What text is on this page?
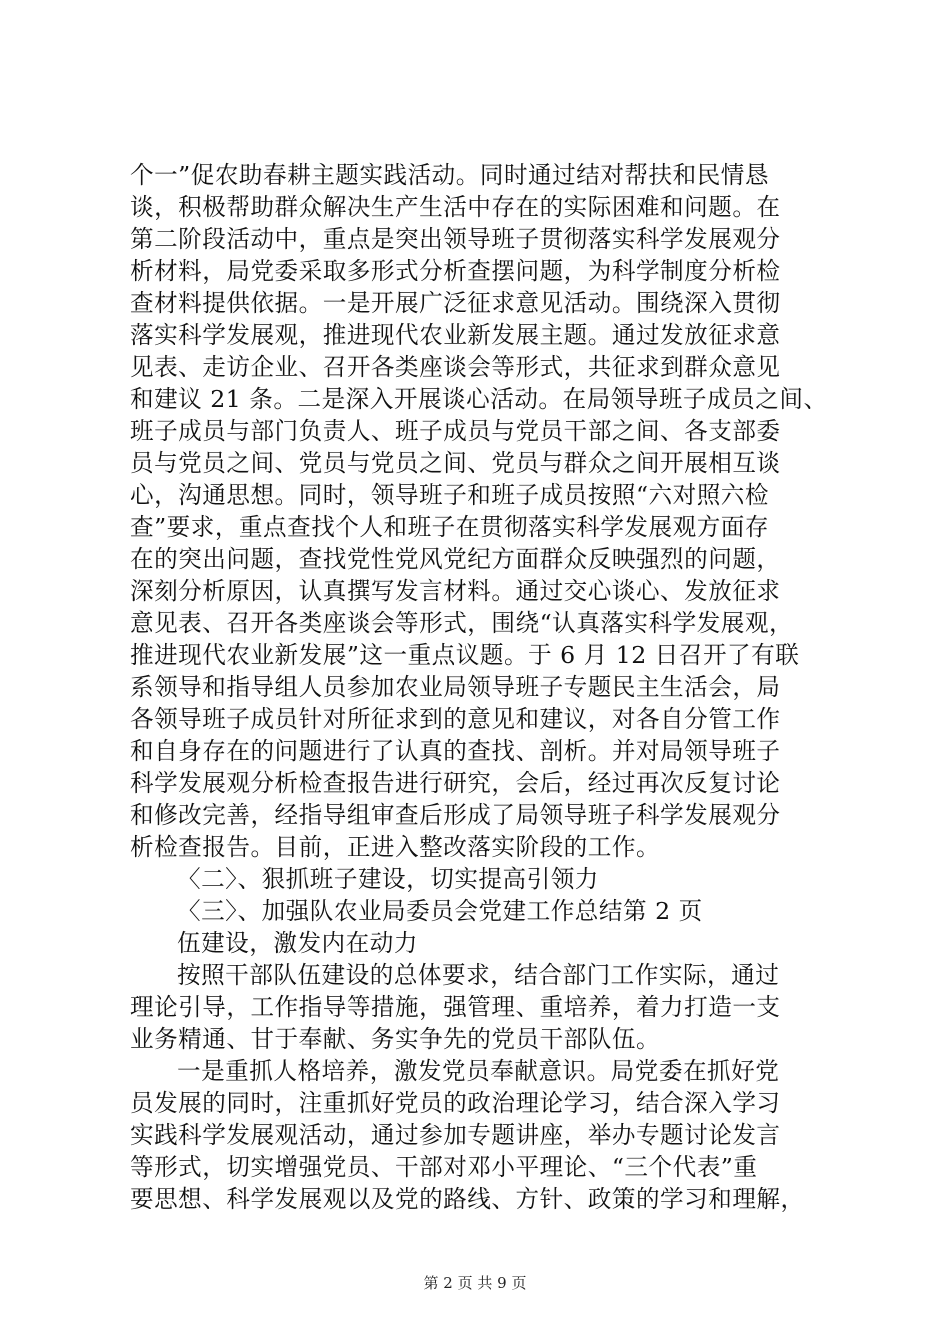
个一”促农助春耕主题实践活动。同时通过结对帮扶和民情恳
谈，积极帮助群众解决生产生活中存在的实际困难和问题。在
第二阶段活动中，重点是突出领导班子贯彻落实科学发展观分
析材料，局党委采取多形式分析查摆问题，为科学制度分析检
查材料提供依据。一是开展广泛征求意见活动。围绕深入贯彻
落实科学发展观，推进现代农业新发展主题。通过发放征求意
见表、走访企业、召开各类座谈会等形式，共征求到群众意见
和建议 21 条。二是深入开展谈心活动。在局领导班子成员之间、
班子成员与部门负责人、班子成员与党员干部之间、各支部委
员与党员之间、党员与党员之间、党员与群众之间开展相互谈
心，沟通思想。同时，领导班子和班子成员按照“六对照六检
查”要求，重点查找个人和班子在贯彻落实科学发展观方面存
在的突出问题，查找党性党风党纪方面群众反映强烈的问题，
深刻分析原因，认真撰写发言材料。通过交心谈心、发放征求
意见表、召开各类座谈会等形式，围绕“认真落实科学发展观，
推进现代农业新发展”这一重点议题。于 6 月 12 日召开了有联
系领导和指导组人员参加农业局领导班子专题民主生活会，局
各领导班子成员针对所征求到的意见和建议，对各自分管工作
和自身存在的问题进行了认真的查找、剖析。并对局领导班子
科学发展观分析检查报告进行研究，会后，经过再次反复讨论
和修改完善，经指导组审查后形成了局领导班子科学发展观分
析检查报告。目前，正进入整改落实阶段的工作。
〈二〉、狠抓班子建设，切实提高引领力
〈三〉、加强队农业局委员会党建工作总结第 2 页
伍建设，激发内在动力
按照干部队伍建设的总体要求，结合部门工作实际，通过
理论引导，工作指导等措施，强管理、重培养，着力打造一支
业务精通、甘于奉献、务实争先的党员干部队伍。
一是重抓人格培养，激发党员奉献意识。局党委在抓好党
员发展的同时，注重抓好党员的政治理论学习，结合深入学习
实践科学发展观活动，通过参加专题讲座，举办专题讨论发言
等形式，切实增强党员、干部对邓小平理论、“三个代表”重
要思想、科学发展观以及党的路线、方针、政策的学习和理解，
第 2 页 共 9 页
